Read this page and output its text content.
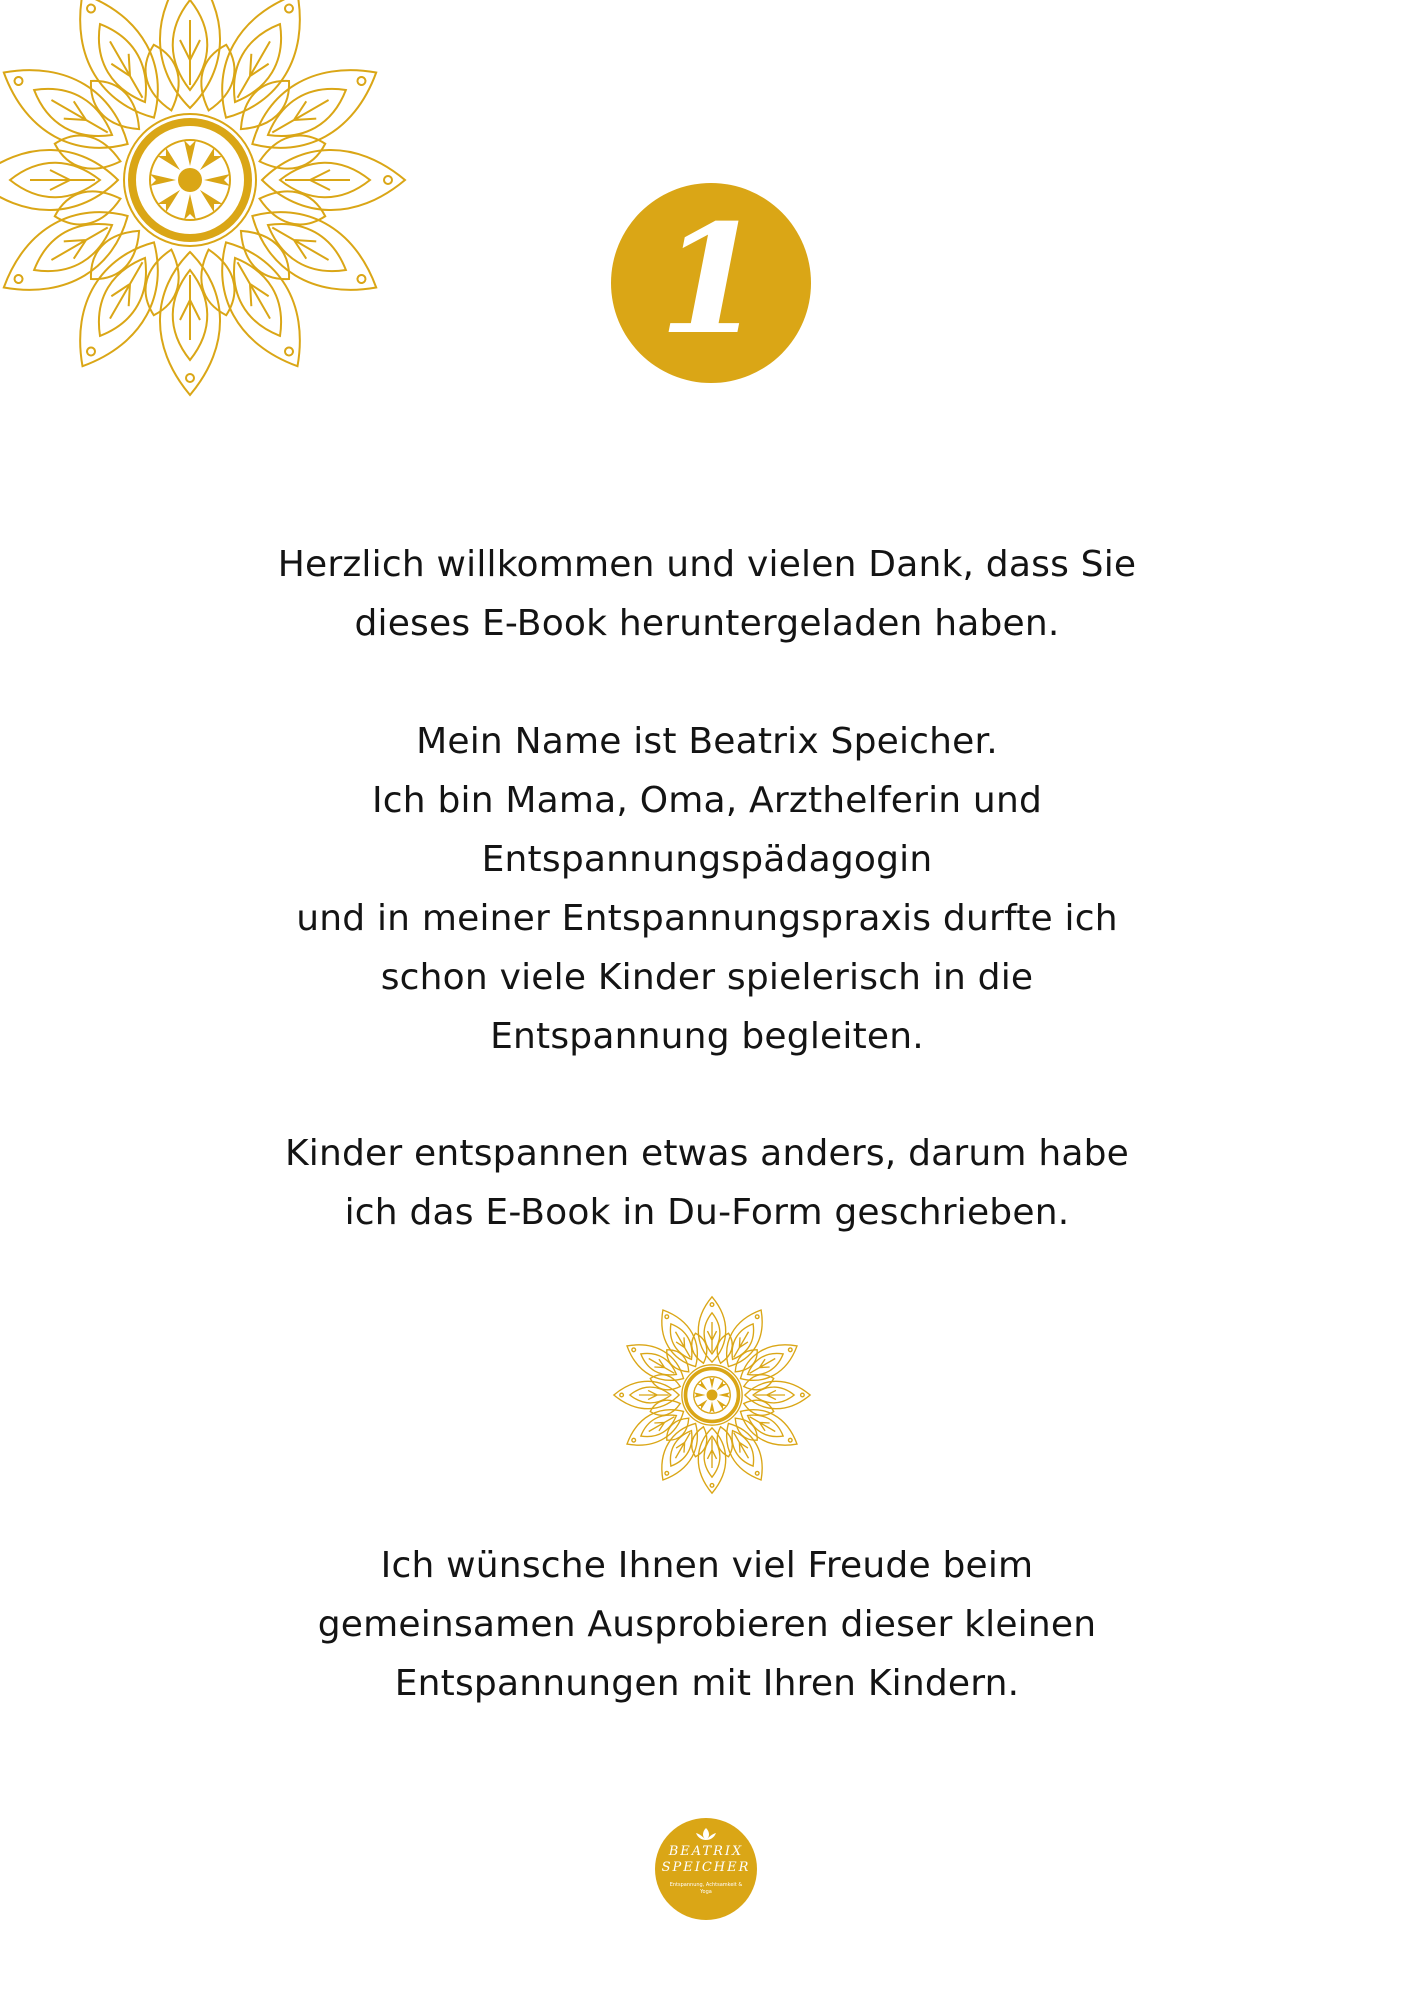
1
Herzlich willkommen und vielen Dank, dass Sie
dieses E-Book heruntergeladen haben.
Mein Name ist Beatrix Speicher.
Ich bin Mama, Oma, Arzthelferin und
Entspannungspädagogin
und in meiner Entspannungspraxis durfte ich
schon viele Kinder spielerisch in die
Entspannung begleiten.
Kinder entspannen etwas anders, darum habe
ich das E-Book in Du-Form geschrieben.
Ich wünsche Ihnen viel Freude beim
gemeinsamen Ausprobieren dieser kleinen
Entspannungen mit Ihren Kindern.
BEATRIX
SPEICHER
Entspannung, Achtsamkeit & Yoga
